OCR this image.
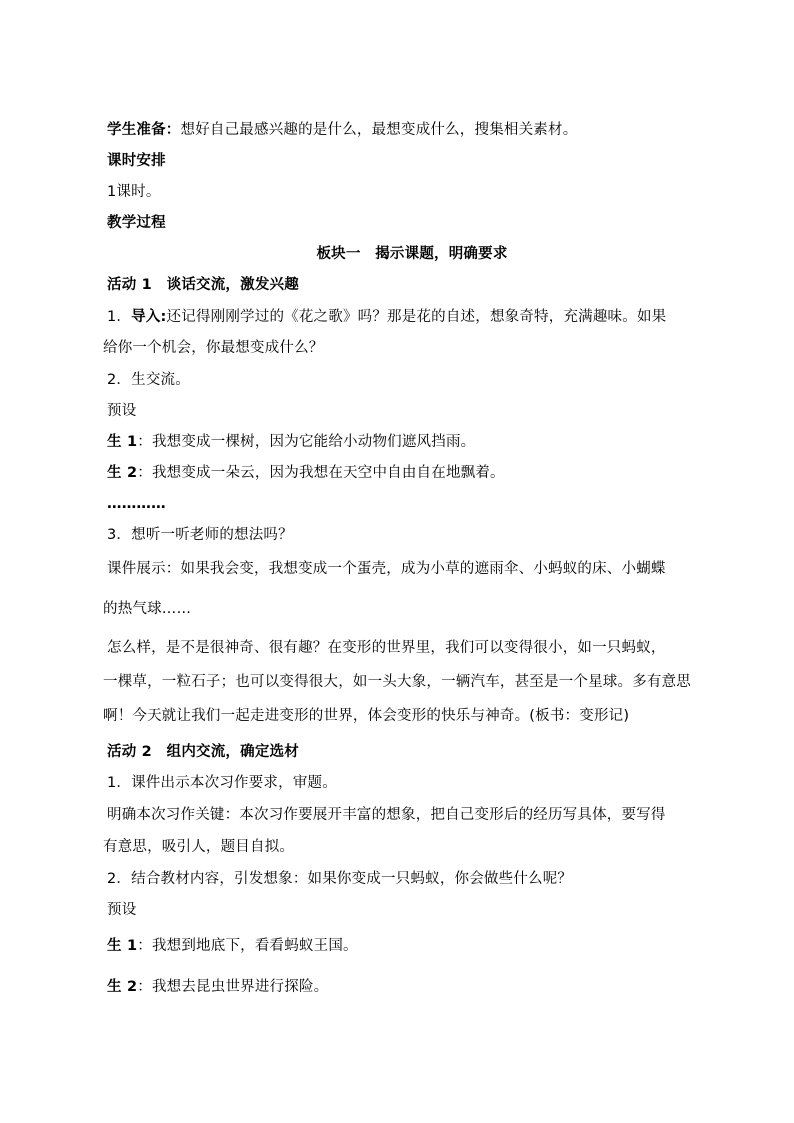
学生准备：想好自己最感兴趣的是什么，最想变成什么，搜集相关素材。
课时安排
1课时。
教学过程
板块一　揭示课题，明确要求
活动 1　谈话交流，激发兴趣
1．导入:还记得刚刚学过的《花之歌》吗？那是花的自述，想象奇特，充满趣味。如果
给你一个机会，你最想变成什么？
2．生交流。
预设
生 1：我想变成一棵树，因为它能给小动物们遮风挡雨。
生 2：我想变成一朵云，因为我想在天空中自由自在地飘着。
…………
3．想听一听老师的想法吗？
课件展示：如果我会变，我想变成一个蛋壳，成为小草的遮雨伞、小蚂蚁的床、小蝴蝶
的热气球……
怎么样，是不是很神奇、很有趣？在变形的世界里，我们可以变得很小，如一只蚂蚁，
一棵草，一粒石子；也可以变得很大，如一头大象，一辆汽车，甚至是一个星球。多有意思
啊！今天就让我们一起走进变形的世界，体会变形的快乐与神奇。(板书：变形记)
活动 2　组内交流，确定选材
1．课件出示本次习作要求，审题。
明确本次习作关键：本次习作要展开丰富的想象，把自己变形后的经历写具体，要写得
有意思，吸引人，题目自拟。
2．结合教材内容，引发想象：如果你变成一只蚂蚁，你会做些什么呢？
预设
生 1：我想到地底下，看看蚂蚁王国。
生 2：我想去昆虫世界进行探险。
